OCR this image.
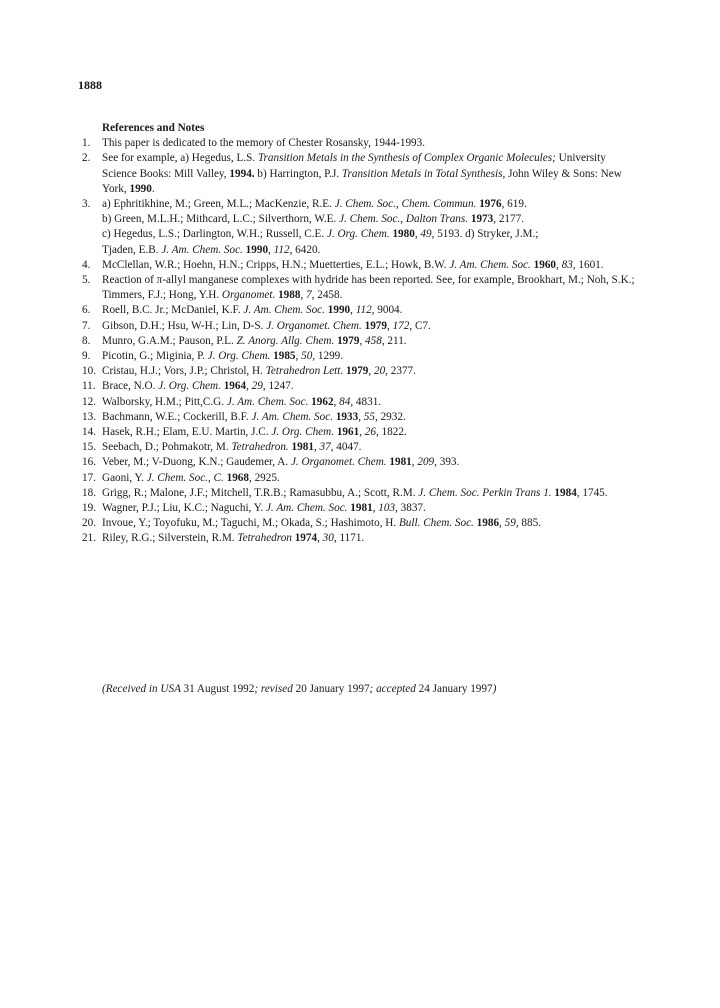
1888
References and Notes
1.	This paper is dedicated to the memory of Chester Rosansky, 1944-1993.
2.	See for example, a) Hegedus, L.S. Transition Metals in the Synthesis of Complex Organic Molecules; University Science Books: Mill Valley, 1994. b) Harrington, P.J. Transition Metals in Total Synthesis, John Wiley & Sons: New York, 1990.
3.	a) Ephritikhine, M.; Green, M.L.; MacKenzie, R.E. J. Chem. Soc., Chem. Commun. 1976, 619.
b) Green, M.L.H.; Mithcard, L.C.; Silverthorn, W.E. J. Chem. Soc., Dalton Trans. 1973, 2177.
c) Hegedus, L.S.; Darlington, W.H.; Russell, C.E. J. Org. Chem. 1980, 49, 5193. d) Stryker, J.M.;
Tjaden, E.B. J. Am. Chem. Soc. 1990, 112, 6420.
4.	McClellan, W.R.; Hoehn, H.N.; Cripps, H.N.; Muetterties, E.L.; Howk, B.W. J. Am. Chem. Soc. 1960, 83, 1601.
5.	Reaction of π-allyl manganese complexes with hydride has been reported. See, for example, Brookhart, M.; Noh, S.K.; Timmers, F.J.; Hong, Y.H. Organomet. 1988, 7, 2458.
6.	Roell, B.C. Jr.; McDaniel, K.F. J. Am. Chem. Soc. 1990, 112, 9004.
7.	Gibson, D.H.; Hsu, W-H.; Lin, D-S. J. Organomet. Chem. 1979, 172, C7.
8.	Munro, G.A.M.; Pauson, P.L. Z. Anorg. Allg. Chem. 1979, 458, 211.
9.	Picotin, G.; Miginia, P. J. Org. Chem. 1985, 50, 1299.
10. Cristau, H.J.; Vors, J.P.; Christol, H. Tetrahedron Lett. 1979, 20, 2377.
11. Brace, N.O. J. Org. Chem. 1964, 29, 1247.
12. Walborsky, H.M.; Pitt,C.G. J. Am. Chem. Soc. 1962, 84, 4831.
13. Bachmann, W.E.; Cockerill, B.F. J. Am. Chem. Soc. 1933, 55, 2932.
14. Hasek, R.H.; Elam, E.U. Martin, J.C. J. Org. Chem. 1961, 26, 1822.
15. Seebach, D.; Pohmakotr, M. Tetrahedron. 1981, 37, 4047.
16. Veber, M.; V-Duong, K.N.; Gaudemer, A. J. Organomet. Chem. 1981, 209, 393.
17. Gaoni, Y. J. Chem. Soc., C. 1968, 2925.
18. Grigg, R.; Malone, J.F.; Mitchell, T.R.B.; Ramasubbu, A.; Scott, R.M. J. Chem. Soc. Perkin Trans 1. 1984, 1745.
19. Wagner, P.J.; Liu, K.C.; Naguchi, Y. J. Am. Chem. Soc. 1981, 103, 3837.
20. Invoue, Y.; Toyofuku, M.; Taguchi, M.; Okada, S.; Hashimoto, H. Bull. Chem. Soc. 1986, 59, 885.
21. Riley, R.G.; Silverstein, R.M. Tetrahedron 1974, 30, 1171.
(Received in USA 31 August 1992; revised 20 January 1997; accepted 24 January 1997)
